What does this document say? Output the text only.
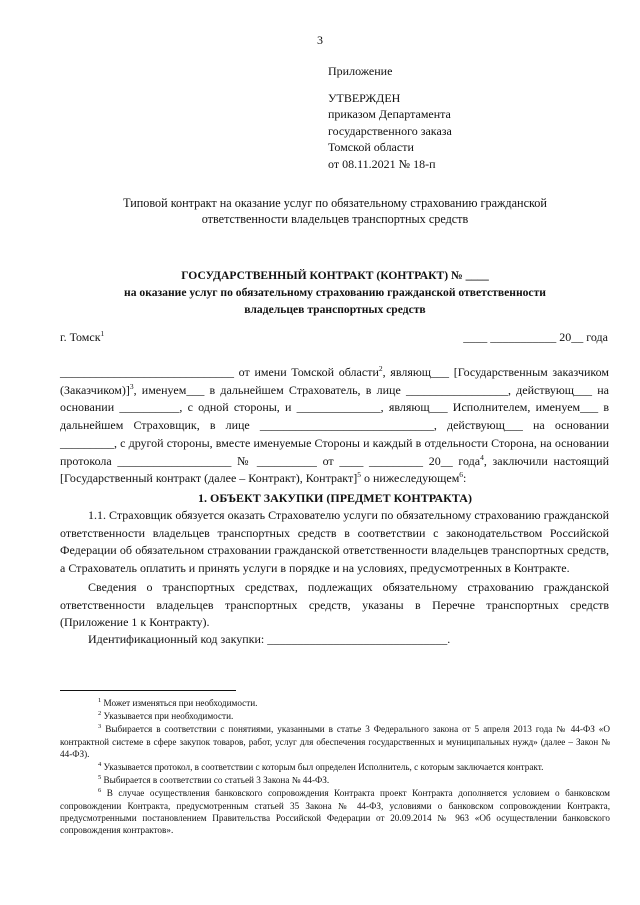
3
Приложение
УТВЕРЖДЕН
приказом Департамента
государственного заказа
Томской области
от 08.11.2021 № 18-п
Типовой контракт на оказание услуг по обязательному страхованию гражданской
ответственности владельцев транспортных средств
ГОСУДАРСТВЕННЫЙ КОНТРАКТ (КОНТРАКТ) № ____
на оказание услуг по обязательному страхованию гражданской ответственности
владельцев транспортных средств
г. Томск$^1$	____ ___________ 20__ года
_____________________________ от имени Томской области$^2$, являющ___ [Государственным заказчиком (Заказчиком)]$^3$, именуем___ в дальнейшем Страхователь, в лице _________________, действующ___ на основании __________, с одной стороны, и ______________, являющ___ Исполнителем, именуем___ в дальнейшем Страховщик, в лице _____________________________, действующ___ на основании _________, с другой стороны, вместе именуемые Стороны и каждый в отдельности Сторона, на основании протокола ___________________ № __________ от ____ _________ 20__ года$^4$, заключили настоящий [Государственный контракт (далее – Контракт), Контракт]$^5$ о нижеследующем$^6$:
1. ОБЪЕКТ ЗАКУПКИ (ПРЕДМЕТ КОНТРАКТА)
1.1. Страховщик обязуется оказать Страхователю услуги по обязательному страхованию гражданской ответственности владельцев транспортных средств в соответствии с законодательством Российской Федерации об обязательном страховании гражданской ответственности владельцев транспортных средств, а Страхователь оплатить и принять услуги в порядке и на условиях, предусмотренных в Контракте.
Сведения о транспортных средствах, подлежащих обязательному страхованию гражданской ответственности владельцев транспортных средств, указаны в Перечне транспортных средств (Приложение 1 к Контракту).
Идентификационный код закупки: ______________________________.
$^1$ Может изменяться при необходимости.
$^2$ Указывается при необходимости.
$^3$ Выбирается в соответствии с понятиями, указанными в статье 3 Федерального закона от 5 апреля 2013 года № 44-ФЗ «О контрактной системе в сфере закупок товаров, работ, услуг для обеспечения государственных и муниципальных нужд» (далее – Закон № 44-ФЗ).
$^4$ Указывается протокол, в соответствии с которым был определен Исполнитель, с которым заключается контракт.
$^5$ Выбирается в соответствии со статьей 3 Закона № 44-ФЗ.
$^6$ В случае осуществления банковского сопровождения Контракта проект Контракта дополняется условием о банковском сопровождении Контракта, предусмотренным статьей 35 Закона № 44-ФЗ, условиями о банковском сопровождении Контракта, предусмотренными постановлением Правительства Российской Федерации от 20.09.2014 № 963 «Об осуществлении банковского сопровождения контрактов».
